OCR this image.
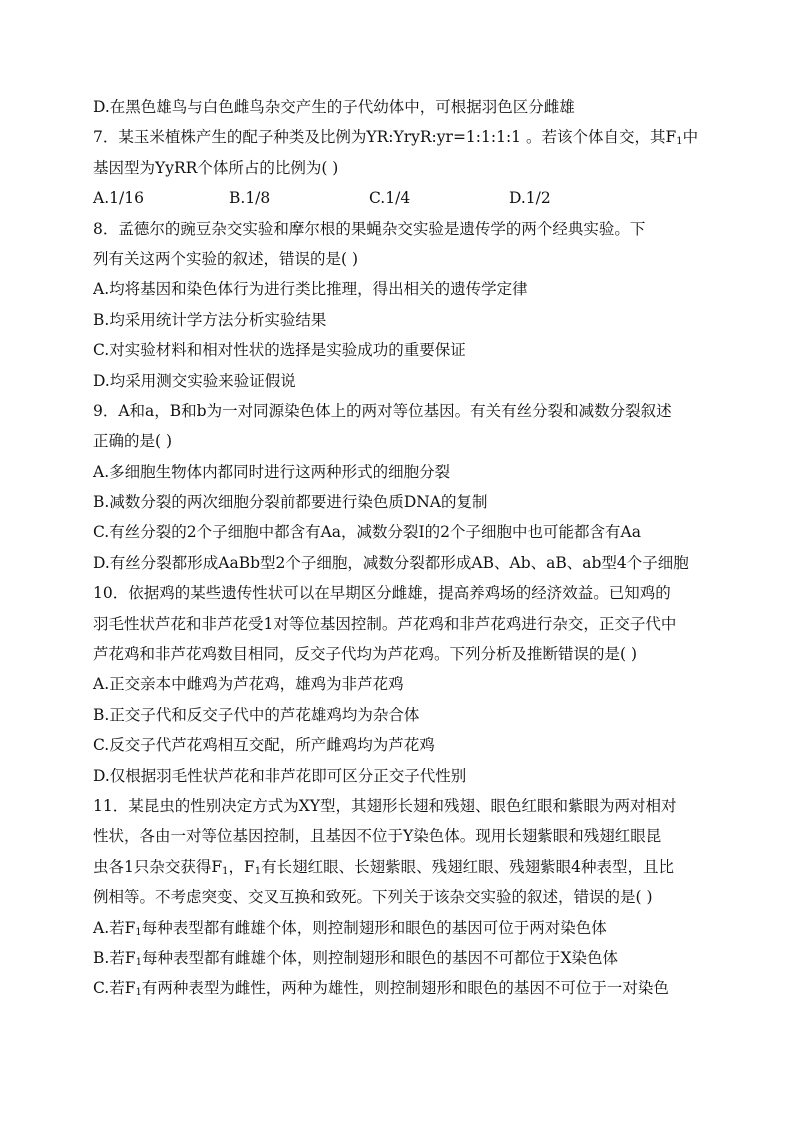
D.在黑色雄鸟与白色雌鸟杂交产生的子代幼体中，可根据羽色区分雌雄
7．某玉米植株产生的配子种类及比例为YR:YryR:yr=1:1:1:1 。若该个体自交，其$F_1$中
基因型为YyRR个体所占的比例为( )
A.1/16	B.1/8	C.1/4	D.1/2
8．孟德尔的豌豆杂交实验和摩尔根的果蝇杂交实验是遗传学的两个经典实验。下
列有关这两个实验的叙述，错误的是( )
A.均将基因和染色体行为进行类比推理，得出相关的遗传学定律
B.均采用统计学方法分析实验结果
C.对实验材料和相对性状的选择是实验成功的重要保证
D.均采用测交实验来验证假说
9．A和a，B和b为一对同源染色体上的两对等位基因。有关有丝分裂和减数分裂叙述
正确的是( )
A.多细胞生物体内都同时进行这两种形式的细胞分裂
B.减数分裂的两次细胞分裂前都要进行染色质DNA的复制
C.有丝分裂的2个子细胞中都含有Aa，减数分裂Ⅰ的2个子细胞中也可能都含有Aa
D.有丝分裂都形成AaBb型2个子细胞，减数分裂都形成AB、Ab、aB、ab型4个子细胞
10．依据鸡的某些遗传性状可以在早期区分雌雄，提高养鸡场的经济效益。已知鸡的
羽毛性状芦花和非芦花受1对等位基因控制。芦花鸡和非芦花鸡进行杂交，正交子代中
芦花鸡和非芦花鸡数目相同，反交子代均为芦花鸡。下列分析及推断错误的是( )
A.正交亲本中雌鸡为芦花鸡，雄鸡为非芦花鸡
B.正交子代和反交子代中的芦花雄鸡均为杂合体
C.反交子代芦花鸡相互交配，所产雌鸡均为芦花鸡
D.仅根据羽毛性状芦花和非芦花即可区分正交子代性别
11．某昆虫的性别决定方式为XY型，其翅形长翅和残翅、眼色红眼和紫眼为两对相对
性状，各由一对等位基因控制，且基因不位于Y染色体。现用长翅紫眼和残翅红眼昆
虫各1只杂交获得$F_1$，$F_1$有长翅红眼、长翅紫眼、残翅红眼、残翅紫眼4种表型，且比
例相等。不考虑突变、交叉互换和致死。下列关于该杂交实验的叙述，错误的是( )
A.若$F_1$每种表型都有雌雄个体，则控制翅形和眼色的基因可位于两对染色体
B.若$F_1$每种表型都有雌雄个体，则控制翅形和眼色的基因不可都位于X染色体
C.若$F_1$有两种表型为雌性，两种为雄性，则控制翅形和眼色的基因不可位于一对染色
